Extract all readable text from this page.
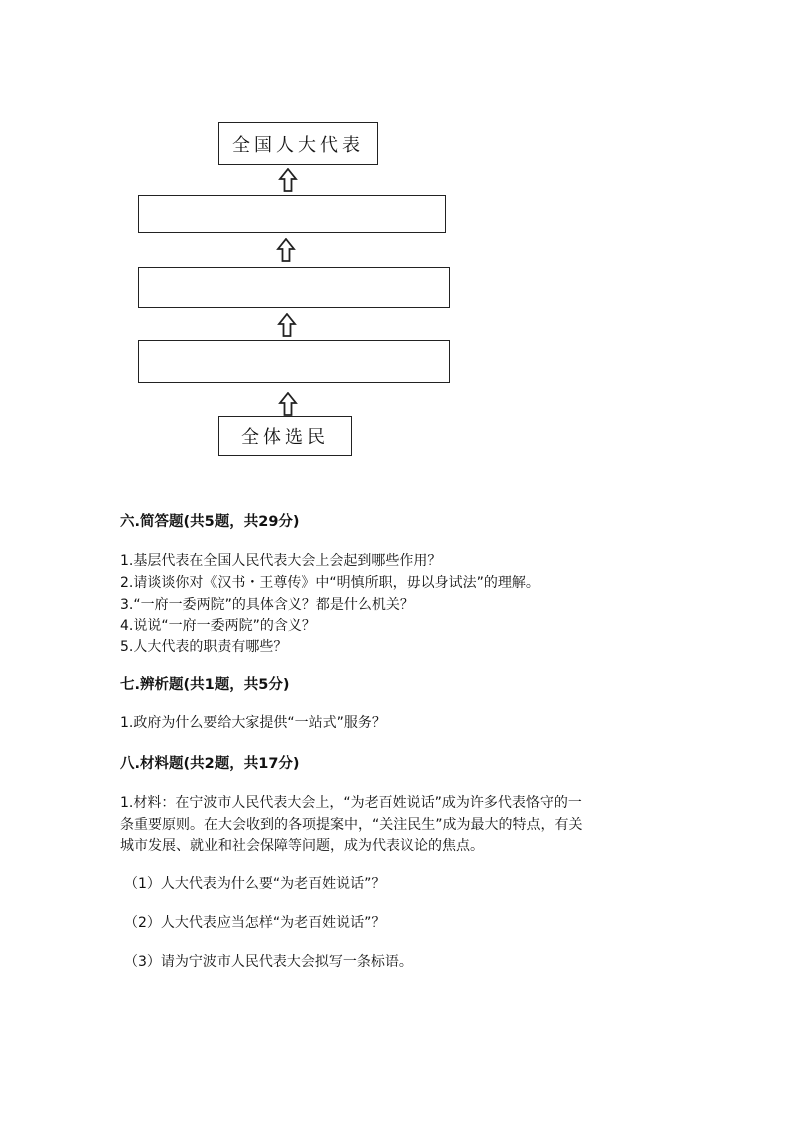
全国人大代表
全体选民
六.简答题(共5题，共29分)
1.基层代表在全国人民代表大会上会起到哪些作用？
2.请谈谈你对《汉书・王尊传》中“明慎所职，毋以身试法”的理解。
3.“一府一委两院”的具体含义？都是什么机关？
4.说说“一府一委两院”的含义？
5.人大代表的职责有哪些？
七.辨析题(共1题，共5分)
1.政府为什么要给大家提供“一站式”服务？
八.材料题(共2题，共17分)
1.材料：在宁波市人民代表大会上，“为老百姓说话”成为许多代表恪守的一
条重要原则。在大会收到的各项提案中，“关注民生”成为最大的特点，有关
城市发展、就业和社会保障等问题，成为代表议论的焦点。
（1）人大代表为什么要“为老百姓说话”？
（2）人大代表应当怎样“为老百姓说话”？
（3）请为宁波市人民代表大会拟写一条标语。
